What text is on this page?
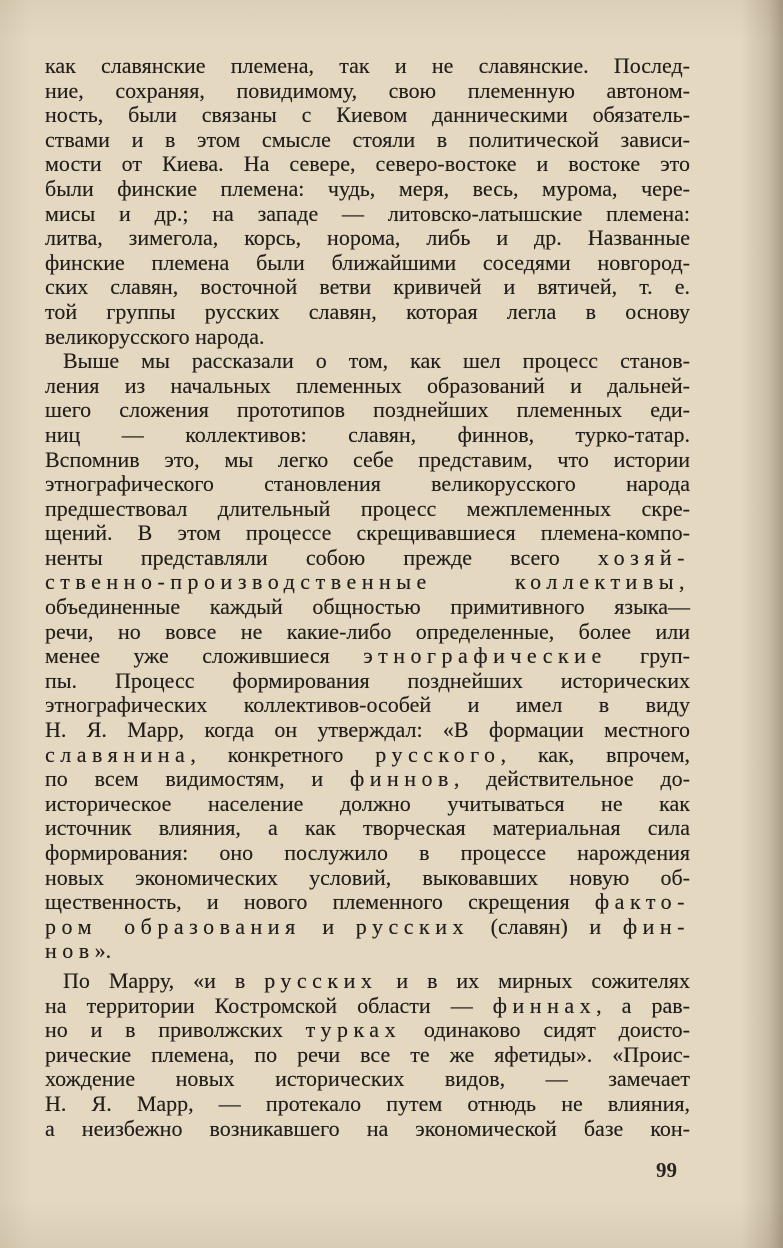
как славянские племена, так и не славянские. Послед-
ние, сохраняя, повидимому, свою племенную автоном-
ность, были связаны с Киевом данническими обязатель-
ствами и в этом смысле стояли в политической зависи-
мости от Киева. На севере, северо-востоке и востоке это
были финские племена: чудь, меря, весь, мурома, чере-
мисы и др.; на западе — литовско-латышские племена:
литва, зимегола, корсь, норома, либь и др. Названные
финские племена были ближайшими соседями новгород-
ских славян, восточной ветви кривичей и вятичей, т. е.
той группы русских славян, которая легла в основу
великорусского народа.
Выше мы рассказали о том, как шел процесс станов-
ления из начальных племенных образований и дальней-
шего сложения прототипов позднейших племенных еди-
ниц — коллективов: славян, финнов, турко-татар.
Вспомнив это, мы легко себе представим, что истории
этнографического становления великорусского народа
предшествовал длительный процесс межплеменных скре-
щений. В этом процессе скрещивавшиеся племена-компо-
ненты представляли собою прежде всего хозяй-
ственно-производственные коллективы,
объединенные каждый общностью примитивного языка—
речи, но вовсе не какие-либо определенные, более или
менее уже сложившиеся этнографические груп-
пы. Процесс формирования позднейших исторических
этнографических коллективов-особей и имел в виду
Н. Я. Марр, когда он утверждал: «В формации местного
славянина, конкретного русского, как, впрочем,
по всем видимостям, и финнов, действительное до-
историческое население должно учитываться не как
источник влияния, а как творческая материальная сила
формирования: оно послужило в процессе нарождения
новых экономических условий, выковавших новую об-
щественность, и нового племенного скрещения факто-
ром образования и русских (славян) и фин-
нов».
По Марру, «и в русских и в их мирных сожителях
на территории Костромской области — финнах, а рав-
но и в приволжских турках одинаково сидят доисто-
рические племена, по речи все те же яфетиды». «Проис-
хождение новых исторических видов, — замечает
Н. Я. Марр, — протекало путем отнюдь не влияния,
а неизбежно возникавшего на экономической базе кон-
99
